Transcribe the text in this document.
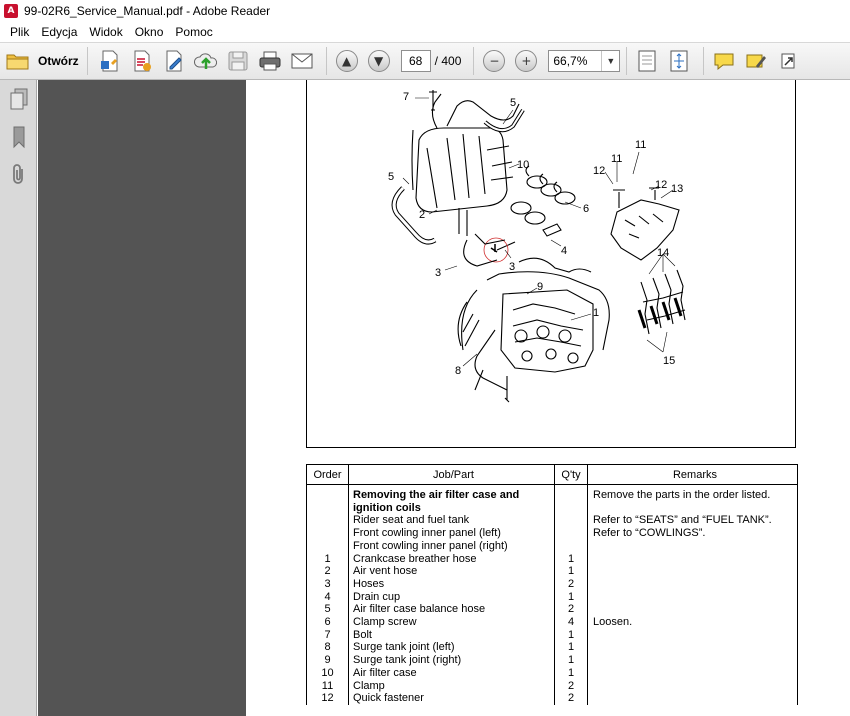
A 99-02R6_Service_Manual.pdf - Adobe Reader
Plik	Edycja	Widok	Okno	Pomoc
Otwórz	▲	▼
68	/ 400	−	+
66,7%	▼
7	5
10
5
2	6
4
3	3
9
1
8
11
11
12
12 13
14
15
Order	Job/Part	Q'ty	Remarks

	Removing the air filter case and
ignition coils		Remove the parts in the order listed.
	Rider seat and fuel tank		Refer to “SEATS” and “FUEL TANK”.
	Front cowling inner panel (left)		Refer to “COWLINGS”.
	Front cowling inner panel (right)		
1	Crankcase breather hose	1	
2	Air vent hose	1	
3	Hoses	2	
4	Drain cup	1	
5	Air filter case balance hose	2	
6	Clamp screw	4	Loosen.
7	Bolt	1	
8	Surge tank joint (left)	1	
9	Surge tank joint (right)	1	
10	Air filter case	1	
11	Clamp	2	
12	Quick fastener	2	
